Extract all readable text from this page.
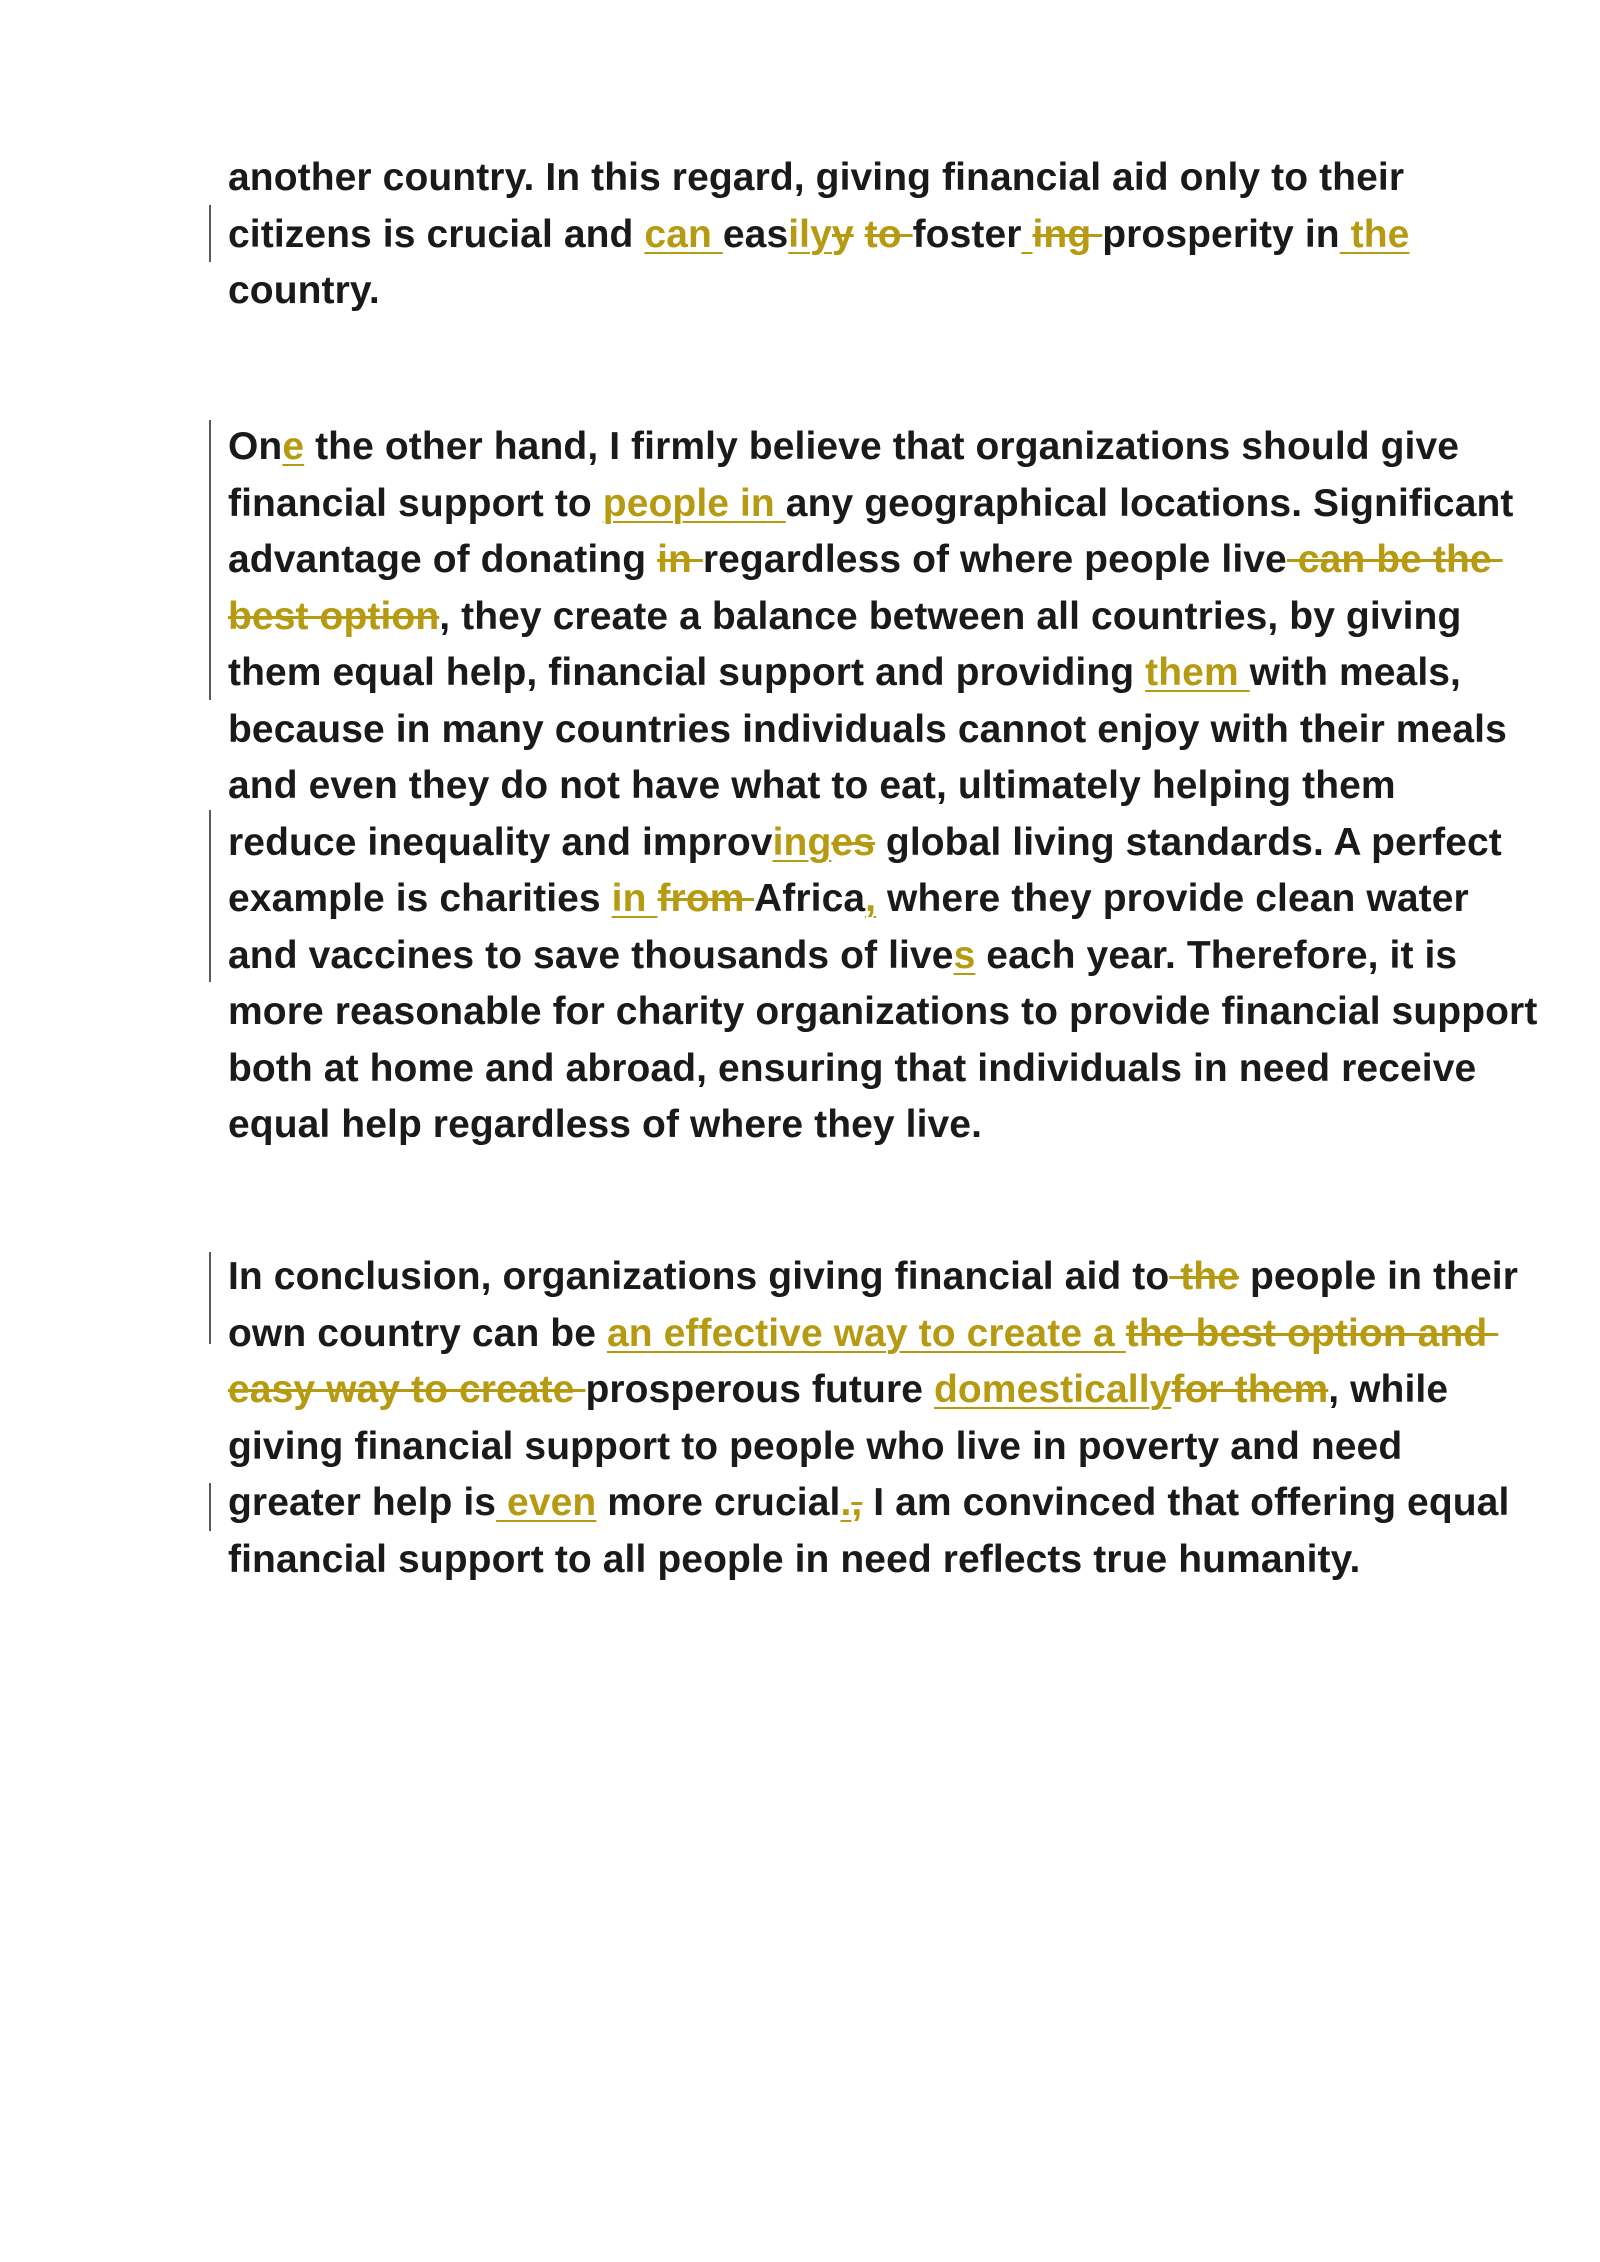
another country. In this regard, giving financial aid only to their
citizens is crucial and can easilyy to foster ing prosperity in the
country.
One the other hand, I firmly believe that organizations should give
financial support to people in any geographical locations. Significant
advantage of donating in regardless of where people live can be the
best option, they create a balance between all countries, by giving
them equal help, financial support and providing them with meals,
because in many countries individuals cannot enjoy with their meals
and even they do not have what to eat, ultimately helping them
reduce inequality and improvinges global living standards. A perfect
example is charities in from Africa, where they provide clean water
and vaccines to save thousands of lives each year. Therefore, it is
more reasonable for charity organizations to provide financial support
both at home and abroad, ensuring that individuals in need receive
equal help regardless of where they live.
In conclusion, organizations giving financial aid to the people in their
own country can be an effective way to create a the best option and
easy way to create prosperous future domesticallyfor them, while
giving financial support to people who live in poverty and need
greater help is even more crucial., I am convinced that offering equal
financial support to all people in need reflects true humanity.
